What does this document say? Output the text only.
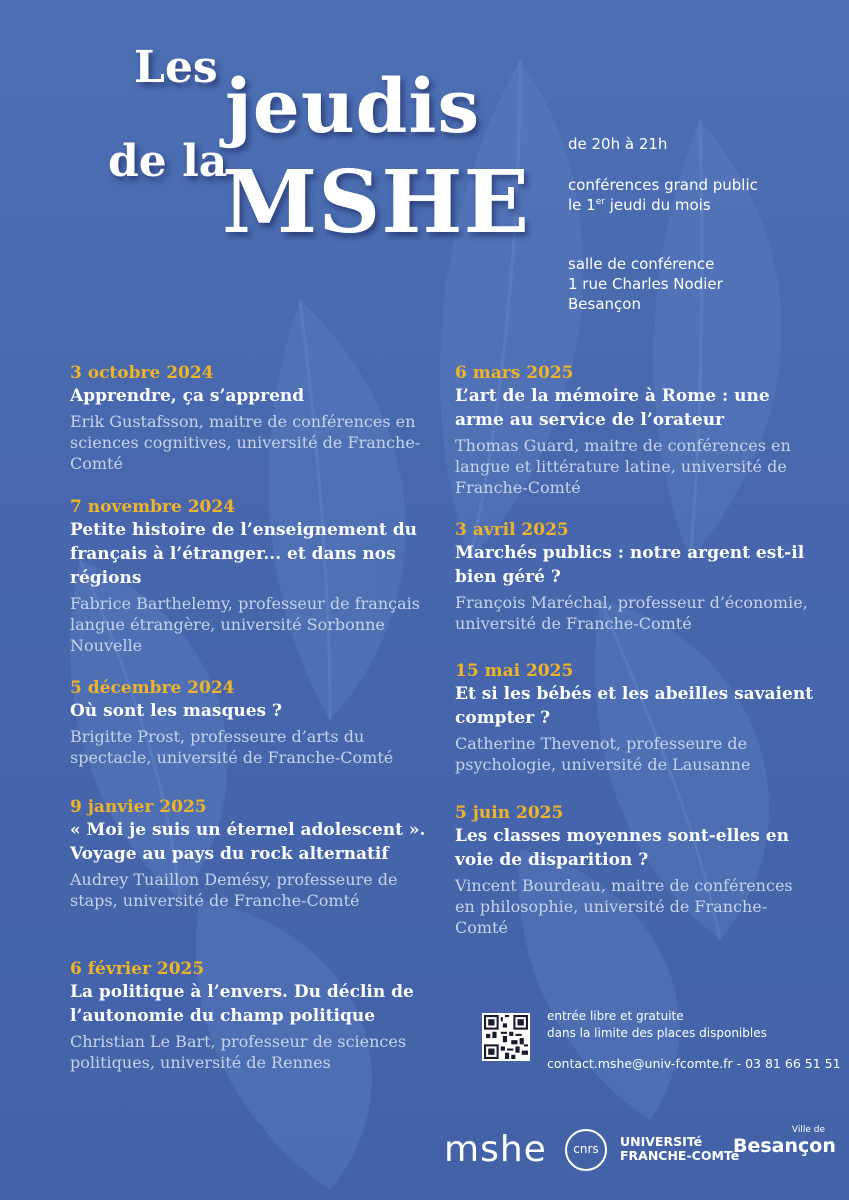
Les jeudis
de la
MSHE
de 20h à 21h
conférences grand public
le 1er jeudi du mois
salle de conférence
1 rue Charles Nodier
Besançon
3 octobre 2024
Apprendre, ça s’apprend
Erik Gustafsson, maitre de conférences en sciences cognitives, université de Franche-Comté
7 novembre 2024
Petite histoire de l’enseignement du français à l’étranger... et dans nos régions
Fabrice Barthelemy, professeur de français langue étrangère, université Sorbonne Nouvelle
5 décembre 2024
Où sont les masques ?
Brigitte Prost, professeure d’arts du spectacle, université de Franche-Comté
9 janvier 2025
« Moi je suis un éternel adolescent ». Voyage au pays du rock alternatif
Audrey Tuaillon Demésy, professeure de staps, université de Franche-Comté
6 février 2025
La politique à l’envers. Du déclin de l’autonomie du champ politique
Christian Le Bart, professeur de sciences politiques, université de Rennes
6 mars 2025
L’art de la mémoire à Rome : une arme au service de l’orateur
Thomas Guard, maitre de conférences en langue et littérature latine, université de Franche-Comté
3 avril 2025
Marchés publics : notre argent est-il bien géré ?
François Maréchal, professeur d’économie, université de Franche-Comté
15 mai 2025
Et si les bébés et les abeilles savaient compter ?
Catherine Thevenot, professeure de psychologie, université de Lausanne
5 juin 2025
Les classes moyennes sont-elles en voie de disparition ?
Vincent Bourdeau, maitre de conférences en philosophie, université de Franche-Comté
entrée libre et gratuite
dans la limite des places disponibles
contact.mshe@univ-fcomte.fr - 03 81 66 51 51
mshe	cnrs	UNIVERSITé
FRANCHE-COMTé
Ville de
Besançon
